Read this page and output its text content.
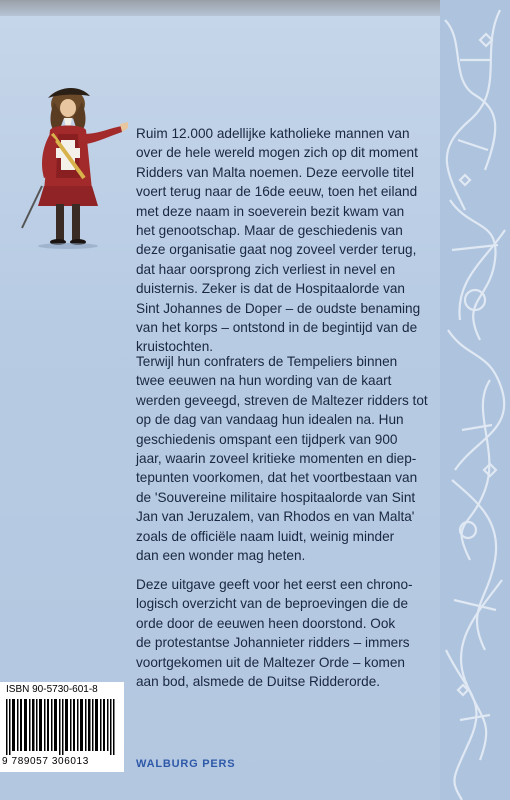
Ruim 12.000 adellijke katholieke mannen van
over de hele wereld mogen zich op dit moment
Ridders van Malta noemen. Deze eervolle titel
voert terug naar de 16de eeuw, toen het eiland
met deze naam in soeverein bezit kwam van
het genootschap. Maar de geschiedenis van
deze organisatie gaat nog zoveel verder terug,
dat haar oorsprong zich verliest in nevel en
duisternis. Zeker is dat de Hospitaalorde van
Sint Johannes de Doper – de oudste benaming
van het korps – ontstond in de begintijd van de
kruistochten.
Terwijl hun confraters de Tempeliers binnen
twee eeuwen na hun wording van de kaart
werden geveegd, streven de Maltezer ridders tot
op de dag van vandaag hun idealen na. Hun
geschiedenis omspant een tijdperk van 900
jaar, waarin zoveel kritieke momenten en diep-
tepunten voorkomen, dat het voortbestaan van
de 'Souvereine militaire hospitaalorde van Sint
Jan van Jeruzalem, van Rhodos en van Malta'
zoals de officiële naam luidt, weinig minder
dan een wonder mag heten.
Deze uitgave geeft voor het eerst een chrono-
logisch overzicht van de beproevingen die de
orde door de eeuwen heen doorstond. Ook
de protestantse Johannieter ridders – immers
voortgekomen uit de Maltezer Orde – komen
aan bod, alsmede de Duitse Ridderorde.
ISBN 90-5730-601-8
9 789057 306013	WALBURG PERS
